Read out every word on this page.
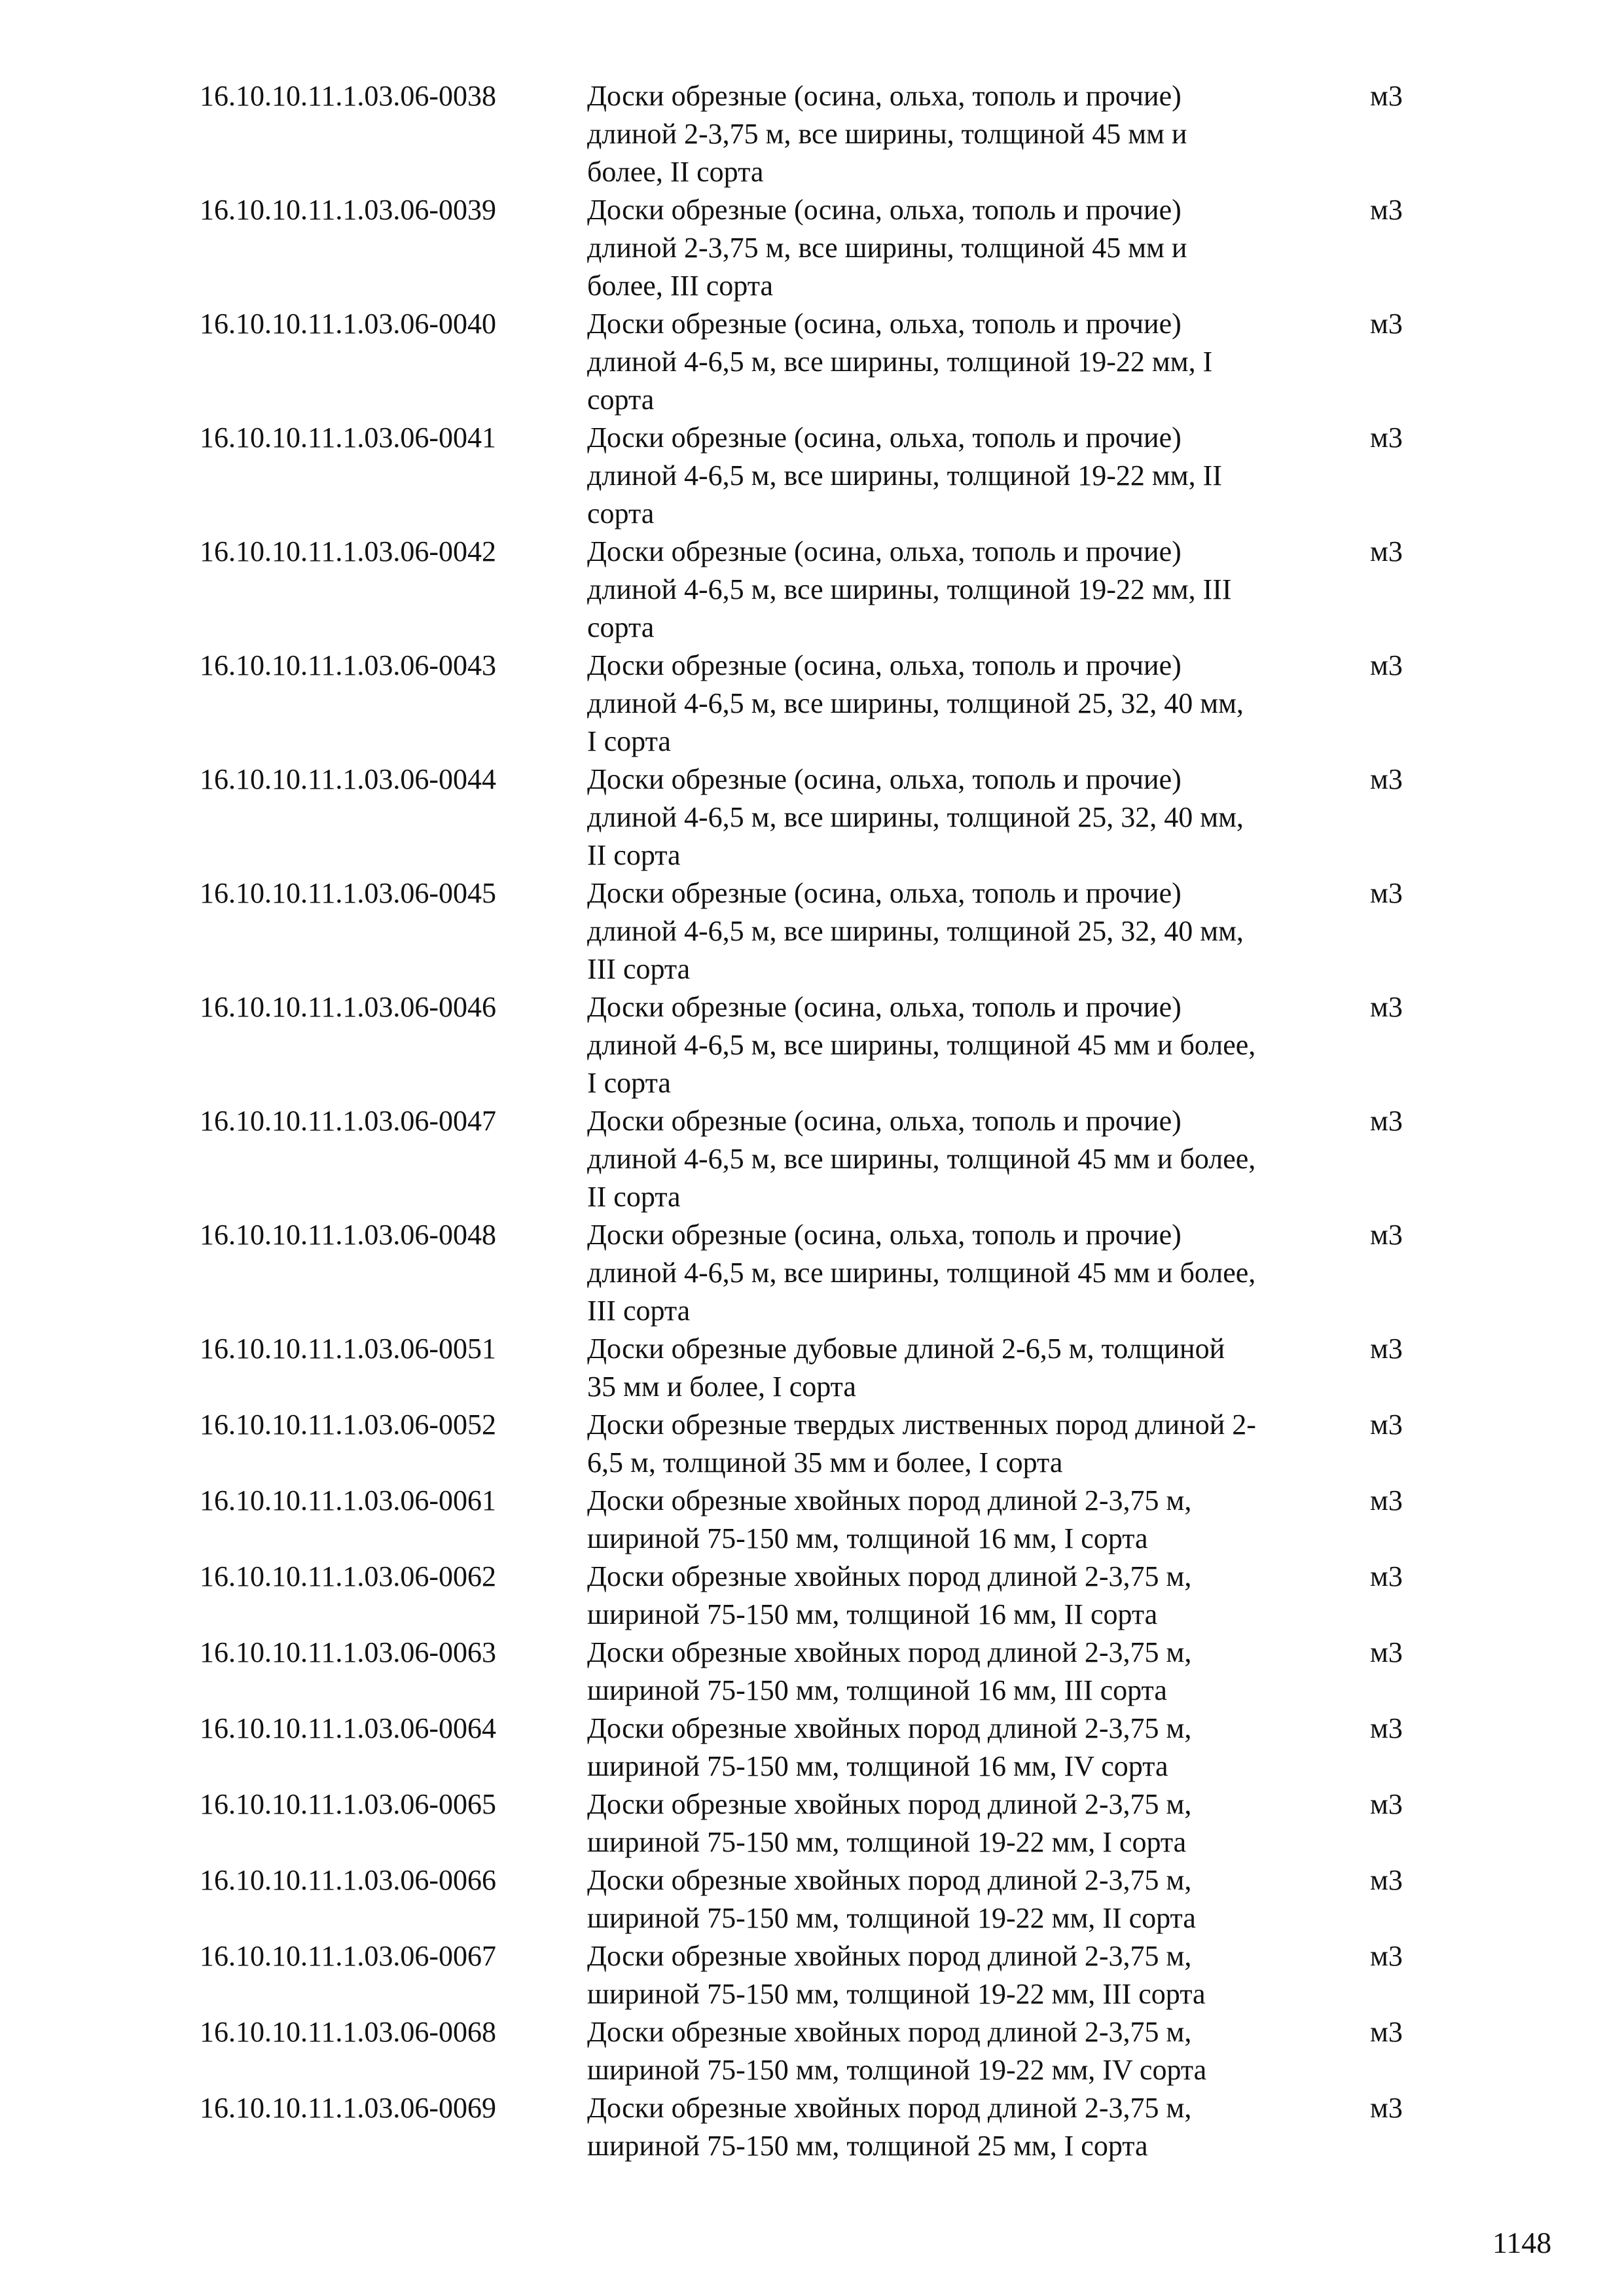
16.10.10.11.1.03.06-0038	Доски обрезные (осина, ольха, тополь и прочие)
длиной 2-3,75 м, все ширины, толщиной 45 мм и
более, II сорта
м3
16.10.10.11.1.03.06-0039	Доски обрезные (осина, ольха, тополь и прочие)
длиной 2-3,75 м, все ширины, толщиной 45 мм и
более, III сорта
м3
16.10.10.11.1.03.06-0040	Доски обрезные (осина, ольха, тополь и прочие)
длиной 4-6,5 м, все ширины, толщиной 19-22 мм, I
сорта
м3
16.10.10.11.1.03.06-0041	Доски обрезные (осина, ольха, тополь и прочие)
длиной 4-6,5 м, все ширины, толщиной 19-22 мм, II
сорта
м3
16.10.10.11.1.03.06-0042	Доски обрезные (осина, ольха, тополь и прочие)
длиной 4-6,5 м, все ширины, толщиной 19-22 мм, III
сорта
м3
16.10.10.11.1.03.06-0043	Доски обрезные (осина, ольха, тополь и прочие)
длиной 4-6,5 м, все ширины, толщиной 25, 32, 40 мм,
I сорта
м3
16.10.10.11.1.03.06-0044	Доски обрезные (осина, ольха, тополь и прочие)
длиной 4-6,5 м, все ширины, толщиной 25, 32, 40 мм,
II сорта
м3
16.10.10.11.1.03.06-0045	Доски обрезные (осина, ольха, тополь и прочие)
длиной 4-6,5 м, все ширины, толщиной 25, 32, 40 мм,
III сорта
м3
16.10.10.11.1.03.06-0046	Доски обрезные (осина, ольха, тополь и прочие)
длиной 4-6,5 м, все ширины, толщиной 45 мм и более,
I сорта
м3
16.10.10.11.1.03.06-0047	Доски обрезные (осина, ольха, тополь и прочие)
длиной 4-6,5 м, все ширины, толщиной 45 мм и более,
II сорта
м3
16.10.10.11.1.03.06-0048	Доски обрезные (осина, ольха, тополь и прочие)
длиной 4-6,5 м, все ширины, толщиной 45 мм и более,
III сорта
м3
16.10.10.11.1.03.06-0051	Доски обрезные дубовые длиной 2-6,5 м, толщиной
35 мм и более, I сорта
м3
16.10.10.11.1.03.06-0052	Доски обрезные твердых лиственных пород длиной 2-
6,5 м, толщиной 35 мм и более, I сорта
м3
16.10.10.11.1.03.06-0061	Доски обрезные хвойных пород длиной 2-3,75 м,
шириной 75-150 мм, толщиной 16 мм, I сорта
м3
16.10.10.11.1.03.06-0062	Доски обрезные хвойных пород длиной 2-3,75 м,
шириной 75-150 мм, толщиной 16 мм, II сорта
м3
16.10.10.11.1.03.06-0063	Доски обрезные хвойных пород длиной 2-3,75 м,
шириной 75-150 мм, толщиной 16 мм, III сорта
м3
16.10.10.11.1.03.06-0064	Доски обрезные хвойных пород длиной 2-3,75 м,
шириной 75-150 мм, толщиной 16 мм, IV сорта
м3
16.10.10.11.1.03.06-0065	Доски обрезные хвойных пород длиной 2-3,75 м,
шириной 75-150 мм, толщиной 19-22 мм, I сорта
м3
16.10.10.11.1.03.06-0066	Доски обрезные хвойных пород длиной 2-3,75 м,
шириной 75-150 мм, толщиной 19-22 мм, II сорта
м3
16.10.10.11.1.03.06-0067	Доски обрезные хвойных пород длиной 2-3,75 м,
шириной 75-150 мм, толщиной 19-22 мм, III сорта
м3
16.10.10.11.1.03.06-0068	Доски обрезные хвойных пород длиной 2-3,75 м,
шириной 75-150 мм, толщиной 19-22 мм, IV сорта
м3
16.10.10.11.1.03.06-0069	Доски обрезные хвойных пород длиной 2-3,75 м,
шириной 75-150 мм, толщиной 25 мм, I сорта
м3
1148
